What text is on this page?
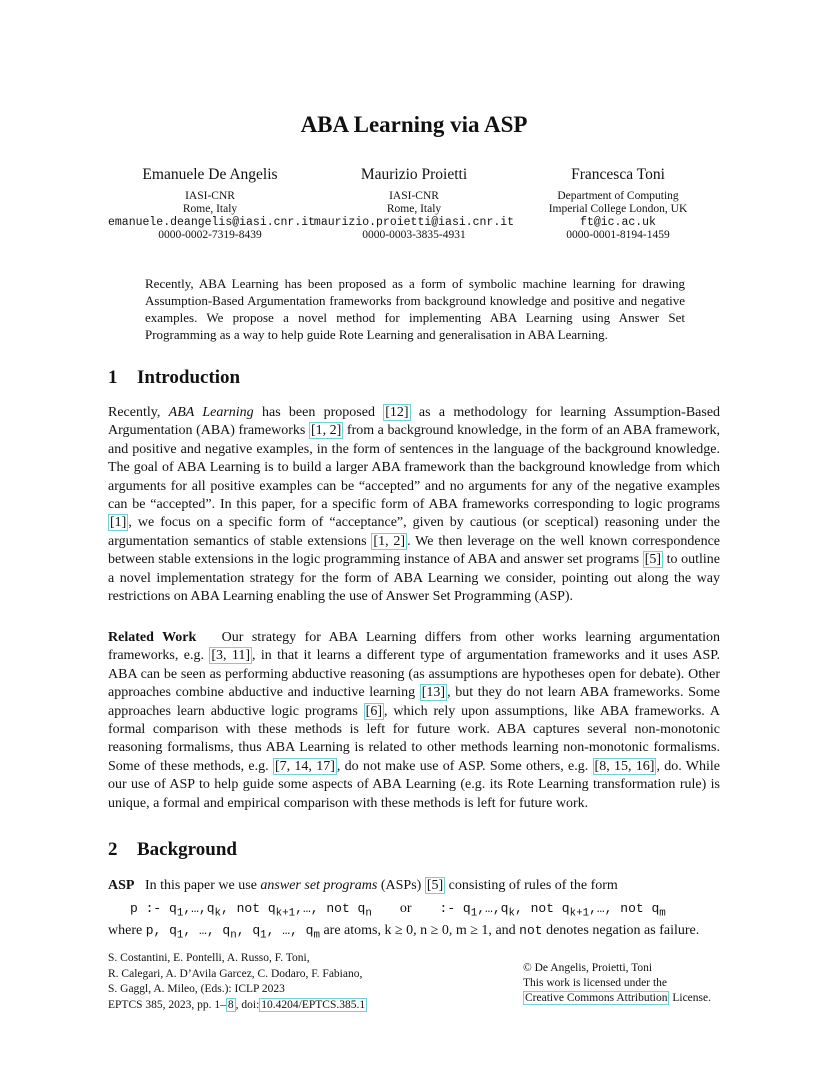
ABA Learning via ASP
Emanuele De Angelis
IASI-CNR
Rome, Italy
emanuele.deangelis@iasi.cnr.it
0000-0002-7319-8439
Maurizio Proietti
IASI-CNR
Rome, Italy
maurizio.proietti@iasi.cnr.it
0000-0003-3835-4931
Francesca Toni
Department of Computing
Imperial College London, UK
ft@ic.ac.uk
0000-0001-8194-1459
Recently, ABA Learning has been proposed as a form of symbolic machine learning for drawing Assumption-Based Argumentation frameworks from background knowledge and positive and negative examples. We propose a novel method for implementing ABA Learning using Answer Set Programming as a way to help guide Rote Learning and generalisation in ABA Learning.
1 Introduction

Recently, ABA Learning has been proposed [12] as a methodology for learning Assumption-Based Argumentation (ABA) frameworks [1, 2] from a background knowledge, in the form of an ABA framework, and positive and negative examples, in the form of sentences in the language of the background knowledge. The goal of ABA Learning is to build a larger ABA framework than the background knowledge from which arguments for all positive examples can be “accepted” and no arguments for any of the negative examples can be “accepted”. In this paper, for a specific form of ABA frameworks corresponding to logic programs [1] , we focus on a specific form of “acceptance”, given by cautious (or sceptical) reasoning under the argumentation semantics of stable extensions [1, 2] . We then leverage on the well known correspondence between stable extensions in the logic programming instance of ABA and answer set programs [5] to outline a novel implementation strategy for the form of ABA Learning we consider, pointing out along the way restrictions on ABA Learning enabling the use of Answer Set Programming (ASP).

Related Work Our strategy for ABA Learning differs from other works learning argumentation frameworks, e.g. [3, 11] , in that it learns a different type of argumentation frameworks and it uses ASP. ABA can be seen as performing abductive reasoning (as assumptions are hypotheses open for debate). Other approaches combine abductive and inductive learning [13] , but they do not learn ABA frameworks. Some approaches learn abductive logic programs [6] , which rely upon assumptions, like ABA frameworks. A formal comparison with these methods is left for future work. ABA captures several non-monotonic reasoning formalisms, thus ABA Learning is related to other methods learning non-monotonic formalisms. Some of these methods, e.g. [7, 14, 17] , do not make use of ASP. Some others, e.g. [8, 15, 16] , do. While our use of ASP to help guide some aspects of ABA Learning (e.g. its Rote Learning transformation rule) is unique, a formal and empirical comparison with these methods is left for future work.

2 Background

ASP In this paper we use answer set programs (ASPs) [5] consisting of rules of the form

p :- $q_1,\dots,q_k$, not $q_{k+1},\dots$, not $q_n$ or :- $q_1,\dots,q_k$, not $q_{k+1},\dots$, not $q_m$

where p, $q_1$, …, $q_n$, $q_1$, …, $q_m$ are atoms, k ≥ 0, n ≥ 0, m ≥ 1, and not denotes negation as failure.

S. Costantini, E. Pontelli, A. Russo, F. Toni,
R. Calegari, A. D’Avila Garcez, C. Dodaro, F. Fabiano,
S. Gaggl, A. Mileo, (Eds.): ICLP 2023
EPTCS 385, 2023, pp. 1– 8 , doi: 10.4204/EPTCS.385.1
© De Angelis, Proietti, Toni
This work is licensed under the
Creative Commons Attribution License.
